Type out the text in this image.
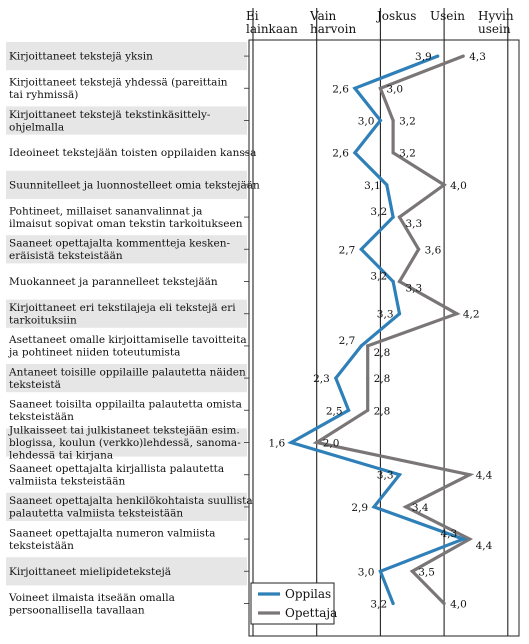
Kirjoittaneet tekstejä yksin
Kirjoittaneet tekstejä yhdessä (pareittain tai ryhmissä)
Kirjoittaneet tekstejä tekstinkäsittely-ohjelmalla
Ideoineet tekstejään toisten oppilaiden kanssa
Suunnitelleet ja luonnostelleet omia tekstejään
Pohtineet, millaiset sananvalinnat ja ilmaisut sopivat oman tekstin tarkoitukseen
Saaneet opettajalta kommentteja kesken-eräisistä teksteistään
Muokanneet ja parannelleet tekstejään
Kirjoittaneet eri tekstilajeja eli tekstejä eri tarkoituksiin
Asettaneet omalle kirjoittamiselle tavoitteita ja pohtineet niiden toteutumista
Antaneet toisille oppilaille palautetta näiden teksteistä
Saaneet toisilta oppilailta palautetta omista teksteistään
Julkaisseet tai julkistaneet tekstejään esim. blogissa, koulun (verkko)lehdessä, sanoma-lehdessä tai kirjana
Saaneet opettajalta kirjallista palautetta valmiista teksteistään
Saaneet opettajalta henkilökohtaista suullista palautetta valmiista teksteistään
Saaneet opettajalta numeron valmiista teksteistään
Kirjoittaneet mielipidetekstejä
Voineet ilmaista itseään omalla persoonallisella tavallaan
Ei lainkaan
Vain harvoin
Joskus Usein Hyvin usein
3,9
2,6
3,0
2,6
3,1
3,2
2,7
3,2
3,3
2,7
2,3
2,5
1,6
3,3
2,9
4,3
3,0
3,2
4,3
3,0
3,2
3,2
4,0
3,3
3,6
3,3
4,2
2,8
2,8
2,8
2,0
4,4
3,4
4,4
3,5
4,0
Oppilas
Opettaja
